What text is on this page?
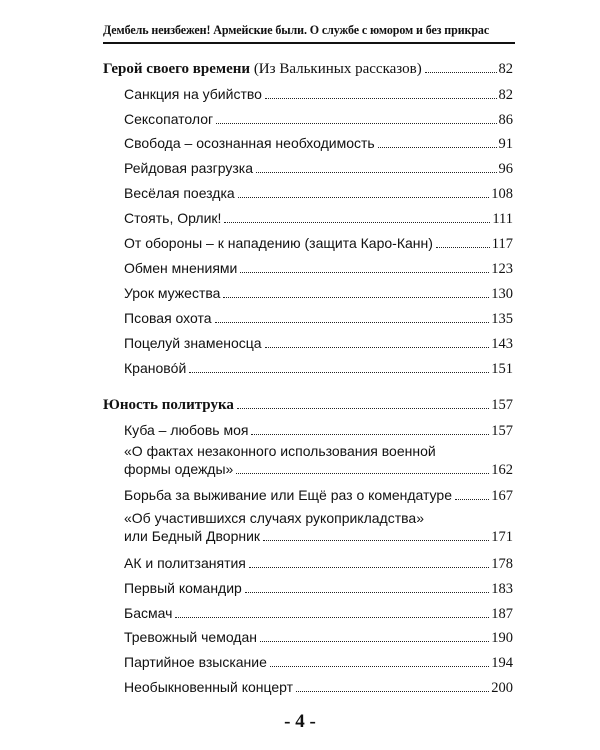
Дембель неизбежен! Армейские были. О службе с юмором и без прикрас
Герой своего времени (Из Валькиных рассказов)	82
Санкция на убийство	82
Сексопатолог	86
Свобода – осознанная необходимость	91
Рейдовая разгрузка	96
Весёлая поездка	108
Стоять, Орлик!	111
От обороны – к нападению (защита Каро-Канн)	117
Обмен мнениями	123
Урок мужества	130
Псовая охота	135
Поцелуй знаменосца	143
Крановóй	151
Юность политрука	157
Куба – любовь моя	157
«О фактах незаконного использования военной
формы одежды»	162
Борьба за выживание или Ещё раз о комендатуре	167
«Об участившихся случаях рукоприкладства»
или Бедный Дворник	171
АК и политзанятия	178
Первый командир	183
Басмач	187
Тревожный чемодан	190
Партийное взыскание	194
Необыкновенный концерт	200
- 4 -
